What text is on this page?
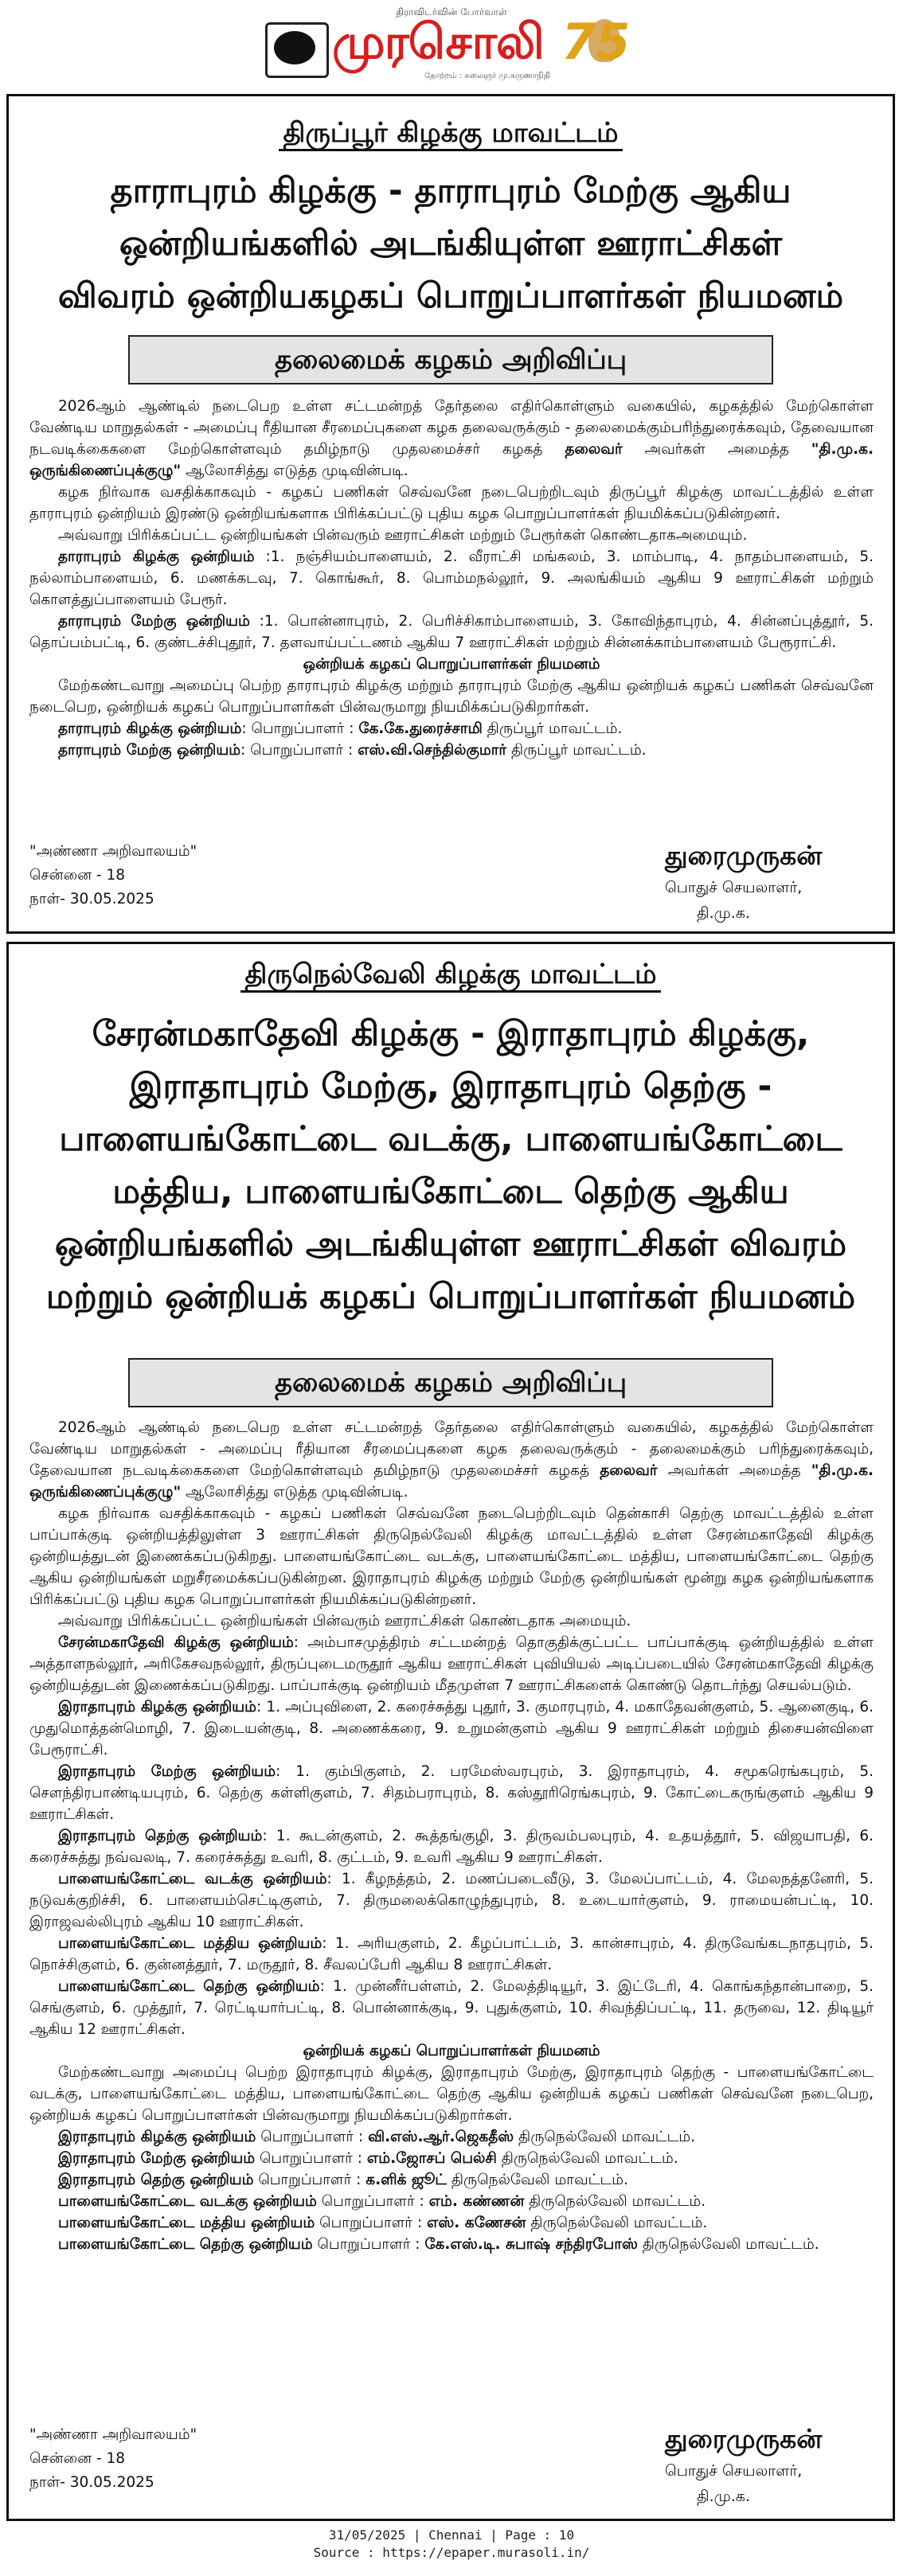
திராவிடர்வின் போர்வாள்
முரசொலி
தோற்றம் : கலைஞர் மு.கருணாநிதி
75
திருப்பூர் கிழக்கு மாவட்டம்
தாராபுரம் கிழக்கு - தாராபுரம் மேற்கு ஆகிய
ஒன்றியங்களில் அடங்கியுள்ள ஊராட்சிகள்
விவரம் ஒன்றியகழகப் பொறுப்பாளர்கள் நியமனம்
தலைமைக் கழகம் அறிவிப்பு

2026ஆம் ஆண்டில் நடைபெற உள்ள சட்டமன்றத் தேர்தலை எதிர்கொள்ளும் வகையில், கழகத்தில் மேற்கொள்ள வேண்டிய மாறுதல்கள் - அமைப்பு ரீதியான சீரமைப்புகளை கழக தலைவருக்கும் - தலைமைக்கும்பரிந்துரைக்கவும், தேவையான நடவடிக்கைகளை மேற்கொள்ளவும் தமிழ்நாடு முதலமைச்சர் கழகத் தலைவர் அவர்கள் அமைத்த "தி.மு.க. ஒருங்கிணைப்புக்குழு" ஆலோசித்து எடுத்த முடிவின்படி.

கழக நிர்வாக வசதிக்காகவும் - கழகப் பணிகள் செவ்வனே நடைபெற்றிடவும் திருப்பூர் கிழக்கு மாவட்டத்தில் உள்ள தாராபுரம் ஒன்றியம் இரண்டு ஒன்றியங்களாக பிரிக்கப்பட்டு புதிய கழக பொறுப்பாளர்கள் நியமிக்கப்படுகின்றனர்.

அவ்வாறு பிரிக்கப்பட்ட ஒன்றியங்கள் பின்வரும் ஊராட்சிகள் மற்றும் பேரூர்கள் கொண்டதாகஅமையும்.

தாராபுரம் கிழக்கு ஒன்றியம் :1. நஞ்சியம்பாளையம், 2. வீராட்சி மங்கலம், 3. மாம்பாடி, 4. நாதம்பாளையம், 5. நல்லாம்பாளையம், 6. மணக்கடவு, 7. கொங்கூர், 8. பொம்மநல்லூர், 9. அலங்கியம் ஆகிய 9 ஊராட்சிகள் மற்றும் கொளத்துப்பாளையம் பேரூர்.

தாராபுரம் மேற்கு ஒன்றியம் :1. பொன்னாபுரம், 2. பெரிச்சிகாம்பாளையம், 3. கோவிந்தாபுரம், 4. சின்னப்புத்தூர், 5. தொப்பம்பட்டி, 6. குண்டச்சிபுதூர், 7. தளவாய்பட்டணம் ஆகிய 7 ஊராட்சிகள் மற்றும் சின்னக்காம்பாளையம் பேரூராட்சி.

ஒன்றியக் கழகப் பொறுப்பாளர்கள் நியமனம்

மேற்கண்டவாறு அமைப்பு பெற்ற தாராபுரம் கிழக்கு மற்றும் தாராபுரம் மேற்கு ஆகிய ஒன்றியக் கழகப் பணிகள் செவ்வனே நடைபெற, ஒன்றியக் கழகப் பொறுப்பாளர்கள் பின்வருமாறு நியமிக்கப்படுகிறார்கள்.

தாராபுரம் கிழக்கு ஒன்றியம்: பொறுப்பாளர் : கே.கே.துரைச்சாமி திருப்பூர் மாவட்டம்.

தாராபுரம் மேற்கு ஒன்றியம்: பொறுப்பாளர் : எஸ்.வி.செந்தில்குமார் திருப்பூர் மாவட்டம்.

"அண்ணா அறிவாலயம்"
சென்னை - 18
நாள்- 30.05.2025
துரைமுருகன்
பொதுச் செயலாளர்,
தி.மு.க.
திருநெல்வேலி கிழக்கு மாவட்டம்
சேரன்மகாதேவி கிழக்கு - இராதாபுரம் கிழக்கு,
இராதாபுரம் மேற்கு, இராதாபுரம் தெற்கு -
பாளையங்கோட்டை வடக்கு, பாளையங்கோட்டை
மத்திய, பாளையங்கோட்டை தெற்கு ஆகிய
ஒன்றியங்களில் அடங்கியுள்ள ஊராட்சிகள் விவரம்
மற்றும் ஒன்றியக் கழகப் பொறுப்பாளர்கள் நியமனம்
தலைமைக் கழகம் அறிவிப்பு

2026ஆம் ஆண்டில் நடைபெற உள்ள சட்டமன்றத் தேர்தலை எதிர்கொள்ளும் வகையில், கழகத்தில் மேற்கொள்ள வேண்டிய மாறுதல்கள் - அமைப்பு ரீதியான சீரமைப்புகளை கழக தலைவருக்கும் - தலைமைக்கும் பரிந்துரைக்கவும், தேவையான நடவடிக்கைகளை மேற்கொள்ளவும் தமிழ்நாடு முதலமைச்சர் கழகத் தலைவர் அவர்கள் அமைத்த "தி.மு.க. ஒருங்கிணைப்புக்குழு" ஆலோசித்து எடுத்த முடிவின்படி.

கழக நிர்வாக வசதிக்காகவும் - கழகப் பணிகள் செவ்வனே நடைபெற்றிடவும் தென்காசி தெற்கு மாவட்டத்தில் உள்ள பாப்பாக்குடி ஒன்றியத்திலுள்ள 3 ஊராட்சிகள் திருநெல்வேலி கிழக்கு மாவட்டத்தில் உள்ள சேரன்மகாதேவி கிழக்கு ஒன்றியத்துடன் இணைக்கப்படுகிறது. பாளையங்கோட்டை வடக்கு, பாளையங்கோட்டை மத்திய, பாளையங்கோட்டை தெற்கு ஆகிய ஒன்றியங்கள் மறுசீரமைக்கப்படுகின்றன. இராதாபுரம் கிழக்கு மற்றும் மேற்கு ஒன்றியங்கள் மூன்று கழக ஒன்றியங்களாக பிரிக்கப்பட்டு புதிய கழக பொறுப்பாளர்கள் நியமிக்கப்படுகின்றனர்.

அவ்வாறு பிரிக்கப்பட்ட ஒன்றியங்கள் பின்வரும் ஊராட்சிகள் கொண்டதாக அமையும்.

சேரன்மகாதேவி கிழக்கு ஒன்றியம்: அம்பாசமுத்திரம் சட்டமன்றத் தொகுதிக்குட்பட்ட பாப்பாக்குடி ஒன்றியத்தில் உள்ள அத்தாளநல்லூர், அரிகேசவநல்லூர், திருப்புடைமருதூர் ஆகிய ஊராட்சிகள் புவியியல் அடிப்படையில் சேரன்மகாதேவி கிழக்கு ஒன்றியத்துடன் இணைக்கப்படுகிறது. பாப்பாக்குடி ஒன்றியம் மீதமுள்ள 7 ஊராட்சிகளைக் கொண்டு தொடர்ந்து செயல்படும்.

இராதாபுரம் கிழக்கு ஒன்றியம்: 1. அப்புவிளை, 2. கரைச்சுத்து புதூர், 3. குமாரபுரம், 4. மகாதேவன்குளம், 5. ஆனைகுடி, 6. முதுமொத்தன்மொழி, 7. இடையன்குடி, 8. அணைக்கரை, 9. உறுமன்குளம் ஆகிய 9 ஊராட்சிகள் மற்றும் திசையன்விளை பேரூராட்சி.

இராதாபுரம் மேற்கு ஒன்றியம்: 1. கும்பிகுளம், 2. பரமேஸ்வரபுரம், 3. இராதாபுரம், 4. சமூகரெங்கபுரம், 5. சௌந்திரபாண்டியபுரம், 6. தெற்கு கள்ளிகுளம், 7. சிதம்பராபுரம், 8. கஸ்தூரிரெங்கபுரம், 9. கோட்டைகருங்குளம் ஆகிய 9 ஊராட்சிகள்.

இராதாபுரம் தெற்கு ஒன்றியம்: 1. கூடன்குளம், 2. கூத்தங்குழி, 3. திருவம்பலபுரம், 4. உதயத்தூர், 5. விஜயாபதி, 6. கரைச்சுத்து நவ்வலடி, 7. கரைச்சுத்து உவரி, 8. குட்டம், 9. உவரி ஆகிய 9 ஊராட்சிகள்.

பாளையங்கோட்டை வடக்கு ஒன்றியம்: 1. கீழநத்தம், 2. மணப்படைவீடு, 3. மேலப்பாட்டம், 4. மேலநத்தனேரி, 5. நடுவக்குறிச்சி, 6. பாளையம்செட்டிகுளம், 7. திருமலைக்கொழுந்துபுரம், 8. உடையார்குளம், 9. ராமையன்பட்டி, 10. இராஜவல்லிபுரம் ஆகிய 10 ஊராட்சிகள்.

பாளையங்கோட்டை மத்திய ஒன்றியம்: 1. அரியகுளம், 2. கீழப்பாட்டம், 3. கான்சாபுரம், 4. திருவேங்கடநாதபுரம், 5. நொச்சிகுளம், 6. குன்னத்தூர், 7. மருதூர், 8. சீவலப்பேரி ஆகிய 8 ஊராட்சிகள்.

பாளையங்கோட்டை தெற்கு ஒன்றியம்: 1. முன்னீர்பள்ளம், 2. மேலத்திடியூர், 3. இட்டேரி, 4. கொங்கந்தான்பாறை, 5. செங்குளம், 6. முத்தூர், 7. ரெட்டியார்பட்டி, 8. பொன்னாக்குடி, 9. புதுக்குளம், 10. சிவந்திப்பட்டி, 11. தருவை, 12. திடியூர் ஆகிய 12 ஊராட்சிகள்.

ஒன்றியக் கழகப் பொறுப்பாளர்கள் நியமனம்

மேற்கண்டவாறு அமைப்பு பெற்ற இராதாபுரம் கிழக்கு, இராதாபுரம் மேற்கு, இராதாபுரம் தெற்கு - பாளையங்கோட்டை வடக்கு, பாளையங்கோட்டை மத்திய, பாளையங்கோட்டை தெற்கு ஆகிய ஒன்றியக் கழகப் பணிகள் செவ்வனே நடைபெற, ஒன்றியக் கழகப் பொறுப்பாளர்கள் பின்வருமாறு நியமிக்கப்படுகிறார்கள்.

இராதாபுரம் கிழக்கு ஒன்றியம் பொறுப்பாளர் : வி.எஸ்.ஆர்.ஜெகதீஸ் திருநெல்வேலி மாவட்டம்.

இராதாபுரம் மேற்கு ஒன்றியம் பொறுப்பாளர் : எம்.ஜோசப் பெல்சி திருநெல்வேலி மாவட்டம்.

இராதாபுரம் தெற்கு ஒன்றியம் பொறுப்பாளர் : க.ளிக் ஜூட் திருநெல்வேலி மாவட்டம்.

பாளையங்கோட்டை வடக்கு ஒன்றியம் பொறுப்பாளர் : எம். கண்ணன் திருநெல்வேலி மாவட்டம்.

பாளையங்கோட்டை மத்திய ஒன்றியம் பொறுப்பாளர் : எஸ். கணேசன் திருநெல்வேலி மாவட்டம்.

பாளையங்கோட்டை தெற்கு ஒன்றியம் பொறுப்பாளர் : கே.எஸ்.டி. சுபாஷ் சந்திரபோஸ் திருநெல்வேலி மாவட்டம்.

"அண்ணா அறிவாலயம்"
சென்னை - 18
நாள்- 30.05.2025
துரைமுருகன்
பொதுச் செயலாளர்,
தி.மு.க.
31/05/2025 | Chennai | Page : 10
Source : https://epaper.murasoli.in/
